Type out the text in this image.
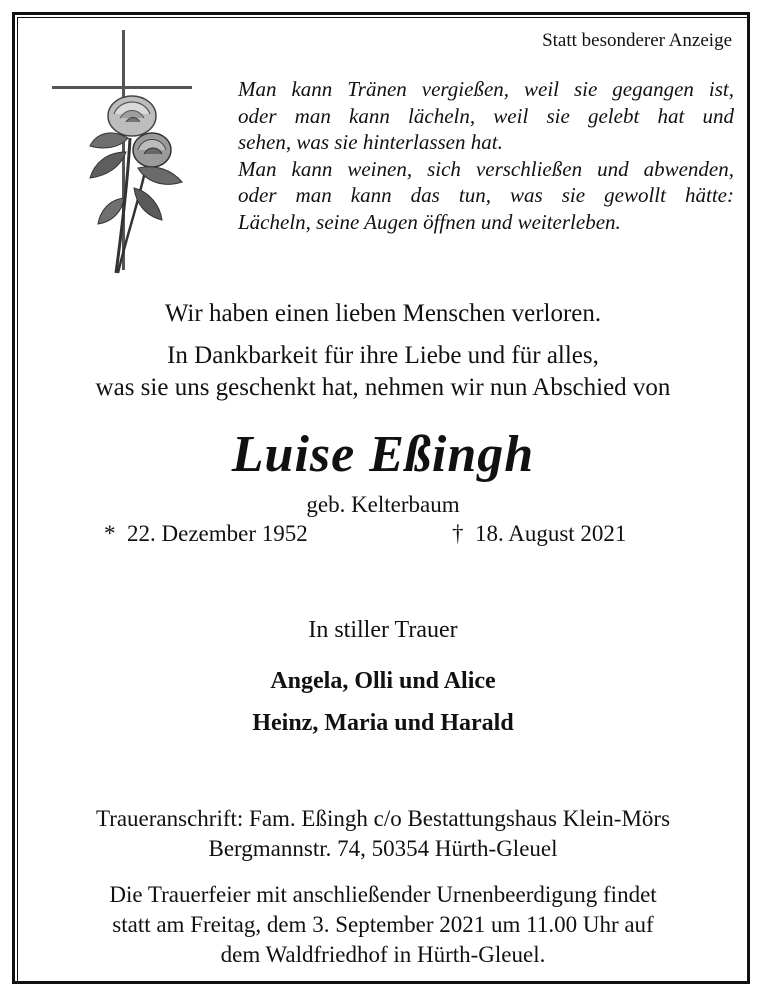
Statt besonderer Anzeige

Man kann Tränen vergießen, weil sie gegangen ist,

oder man kann lächeln, weil sie gelebt hat und

sehen, was sie hinterlassen hat.

Man kann weinen, sich verschließen und abwenden,

oder man kann das tun, was sie gewollt hätte:

Lächeln, seine Augen öffnen und weiterleben.

Wir haben einen lieben Menschen verloren.
In Dankbarkeit für ihre Liebe und für alles,
was sie uns geschenkt hat, nehmen wir nun Abschied von
Luise Eßingh
geb. Kelterbaum
* 22. Dezember 1952	† 18. August 2021
In stiller Trauer
Angela, Olli und Alice
Heinz, Maria und Harald
Traueranschrift: Fam. Eßingh c/o Bestattungshaus Klein-Mörs
Bergmannstr. 74, 50354 Hürth-Gleuel
Die Trauerfeier mit anschließender Urnenbeerdigung findet
statt am Freitag, dem 3. September 2021 um 11.00 Uhr auf
dem Waldfriedhof in Hürth-Gleuel.
